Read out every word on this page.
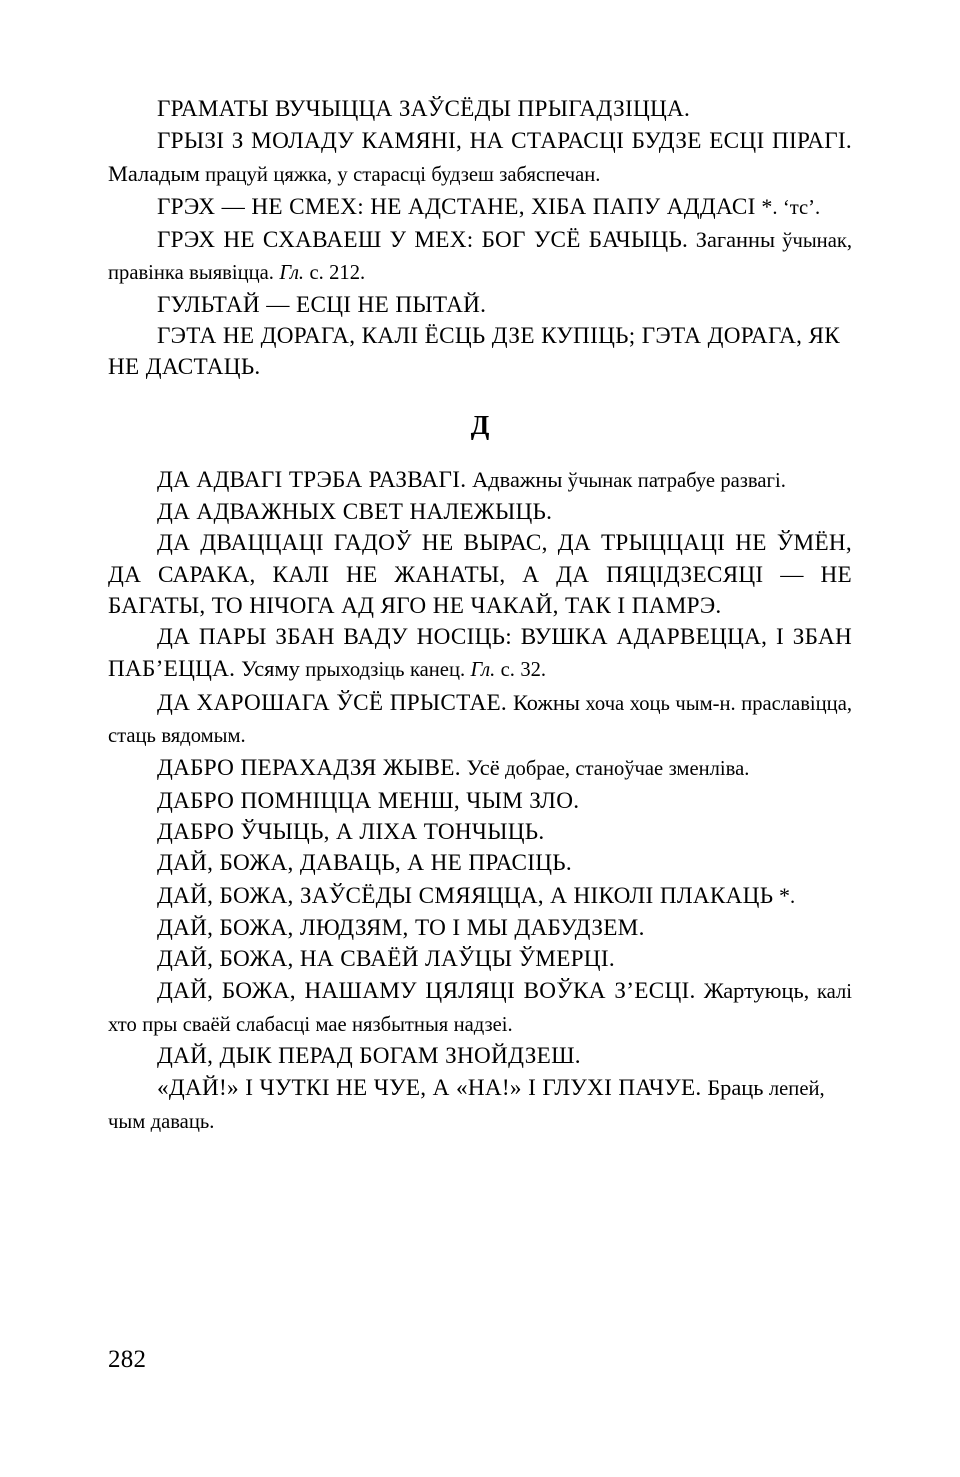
ГРАМАТЫ ВУЧЫЦЦА ЗАЎСЁДЫ ПРЫГАДЗІЦЦА.

ГРЫЗІ З МОЛАДУ КАМЯНІ, НА СТАРАСЦІ БУДЗЕ ЕСЦІ ПІРАГІ. Маладым працуй цяжка, у старасці будзеш забяспечан.

ГРЭХ — НЕ СМЕХ: НЕ АДСТАНЕ, ХІБА ПАПУ АДДАСІ *. ‘тс’.

ГРЭХ НЕ СХАВАЕШ У МЕХ: БОГ УСЁ БАЧЫЦЬ. Заганны ўчынак, правінка выявіцца. Гл. с. 212.

ГУЛЬТАЙ — ЕСЦІ НЕ ПЫТАЙ.

ГЭТА НЕ ДОРАГА, КАЛІ ЁСЦЬ ДЗЕ КУПІЦЬ; ГЭТА ДОРАГА, ЯК НЕ ДАСТАЦЬ.

Д

ДА АДВАГІ ТРЭБА РАЗВАГІ. Адважны ўчынак патрабуе развагі.

ДА АДВАЖНЫХ СВЕТ НАЛЕЖЫЦЬ.

ДА ДВАЦЦАЦІ ГАДОЎ НЕ ВЫРАС, ДА ТРЫЦЦАЦІ НЕ ЎМЁН, ДА САРАКА, КАЛІ НЕ ЖАНАТЫ, А ДА ПЯЦІДЗЕСЯЦІ — НЕ БАГАТЫ, ТО НІЧОГА АД ЯГО НЕ ЧАКАЙ, ТАК І ПАМРЭ.

ДА ПАРЫ ЗБАН ВАДУ НОСІЦЬ: ВУШКА АДАРВЕЦЦА, І ЗБАН ПАБ’ЕЦЦА. Усяму прыходзіць канец. Гл. с. 32.

ДА ХАРОШАГА ЎСЁ ПРЫСТАЕ. Кожны хоча хоць чым-н. праславіцца, стаць вядомым.

ДАБРО ПЕРАХАДЗЯ ЖЫВЕ. Усё добрае, станоўчае зменліва.

ДАБРО ПОМНІЦЦА МЕНШ, ЧЫМ ЗЛО.

ДАБРО ЎЧЫЦЬ, А ЛІХА ТОНЧЫЦЬ.

ДАЙ, БОЖА, ДАВАЦЬ, А НЕ ПРАСІЦЬ.

ДАЙ, БОЖА, ЗАЎСЁДЫ СМЯЯЦЦА, А НІКОЛІ ПЛАКАЦЬ *.

ДАЙ, БОЖА, ЛЮДЗЯМ, ТО І МЫ ДАБУДЗЕМ.

ДАЙ, БОЖА, НА СВАЁЙ ЛАЎЦЫ ЎМЕРЦІ.

ДАЙ, БОЖА, НАШАМУ ЦЯЛЯЦІ ВОЎКА З’ЕСЦІ. Жартуюць, калі хто пры сваёй слабасці мае нязбытныя надзеі.

ДАЙ, ДЫК ПЕРАД БОГАМ ЗНОЙДЗЕШ.

«ДАЙ!» І ЧУТКІ НЕ ЧУЕ, А «НА!» І ГЛУХІ ПАЧУЕ. Браць лепей, чым даваць.

282
